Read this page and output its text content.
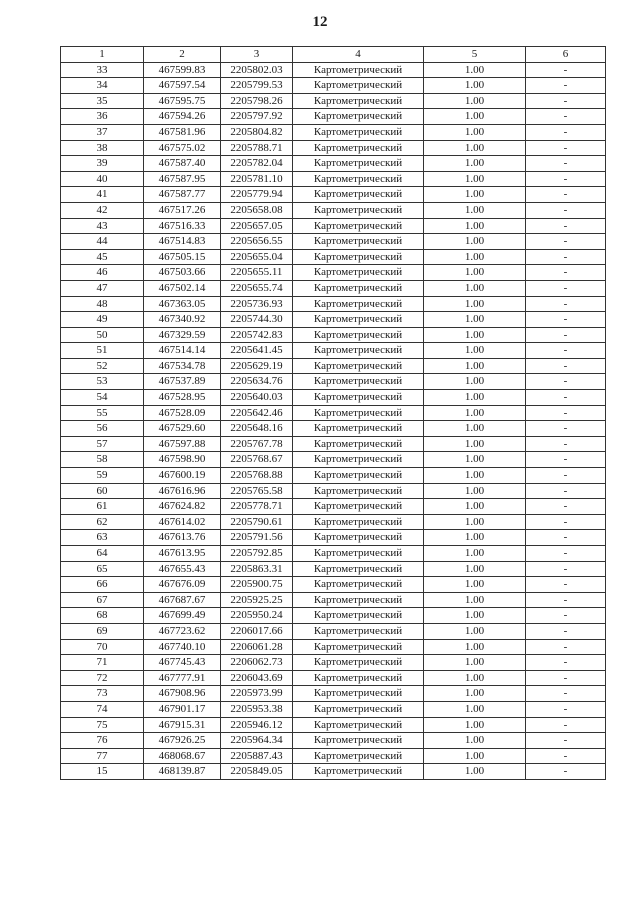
12
1	2	3	4	5	6
33	467599.83	2205802.03	Картометрический	1.00	-
34	467597.54	2205799.53	Картометрический	1.00	-
35	467595.75	2205798.26	Картометрический	1.00	-
36	467594.26	2205797.92	Картометрический	1.00	-
37	467581.96	2205804.82	Картометрический	1.00	-
38	467575.02	2205788.71	Картометрический	1.00	-
39	467587.40	2205782.04	Картометрический	1.00	-
40	467587.95	2205781.10	Картометрический	1.00	-
41	467587.77	2205779.94	Картометрический	1.00	-
42	467517.26	2205658.08	Картометрический	1.00	-
43	467516.33	2205657.05	Картометрический	1.00	-
44	467514.83	2205656.55	Картометрический	1.00	-
45	467505.15	2205655.04	Картометрический	1.00	-
46	467503.66	2205655.11	Картометрический	1.00	-
47	467502.14	2205655.74	Картометрический	1.00	-
48	467363.05	2205736.93	Картометрический	1.00	-
49	467340.92	2205744.30	Картометрический	1.00	-
50	467329.59	2205742.83	Картометрический	1.00	-
51	467514.14	2205641.45	Картометрический	1.00	-
52	467534.78	2205629.19	Картометрический	1.00	-
53	467537.89	2205634.76	Картометрический	1.00	-
54	467528.95	2205640.03	Картометрический	1.00	-
55	467528.09	2205642.46	Картометрический	1.00	-
56	467529.60	2205648.16	Картометрический	1.00	-
57	467597.88	2205767.78	Картометрический	1.00	-
58	467598.90	2205768.67	Картометрический	1.00	-
59	467600.19	2205768.88	Картометрический	1.00	-
60	467616.96	2205765.58	Картометрический	1.00	-
61	467624.82	2205778.71	Картометрический	1.00	-
62	467614.02	2205790.61	Картометрический	1.00	-
63	467613.76	2205791.56	Картометрический	1.00	-
64	467613.95	2205792.85	Картометрический	1.00	-
65	467655.43	2205863.31	Картометрический	1.00	-
66	467676.09	2205900.75	Картометрический	1.00	-
67	467687.67	2205925.25	Картометрический	1.00	-
68	467699.49	2205950.24	Картометрический	1.00	-
69	467723.62	2206017.66	Картометрический	1.00	-
70	467740.10	2206061.28	Картометрический	1.00	-
71	467745.43	2206062.73	Картометрический	1.00	-
72	467777.91	2206043.69	Картометрический	1.00	-
73	467908.96	2205973.99	Картометрический	1.00	-
74	467901.17	2205953.38	Картометрический	1.00	-
75	467915.31	2205946.12	Картометрический	1.00	-
76	467926.25	2205964.34	Картометрический	1.00	-
77	468068.67	2205887.43	Картометрический	1.00	-
15	468139.87	2205849.05	Картометрический	1.00	-
